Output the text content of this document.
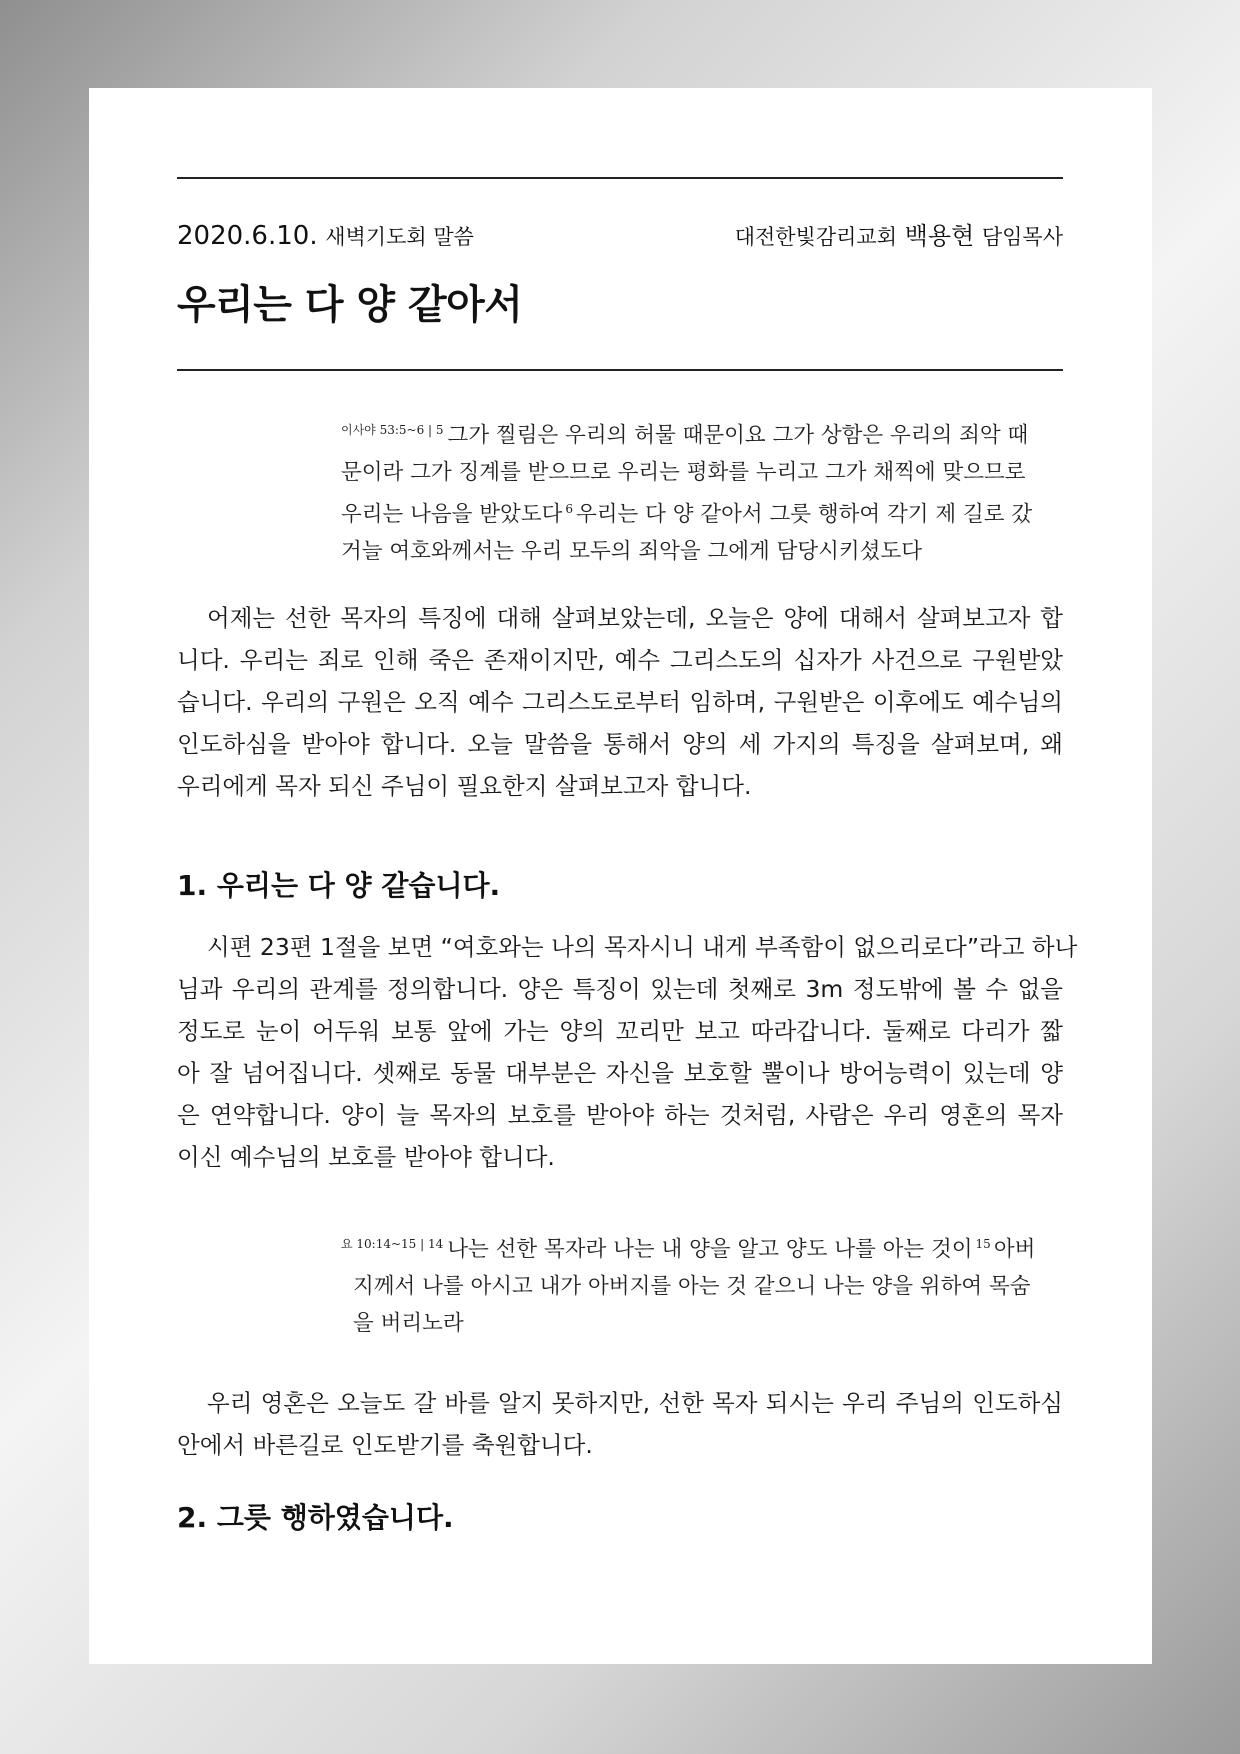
2020.6.10. 새벽기도회 말씀	대전한빛감리교회 백용현 담임목사
우리는 다 양 같아서
$^{이사야 53:5\sim 6 | 5}$ 그가 찔림은 우리의 허물 때문이요 그가 상함은 우리의 죄악 때
문이라 그가 징계를 받으므로 우리는 평화를 누리고 그가 채찍에 맞으므로
우리는 나음을 받았도다 $^6$ 우리는 다 양 같아서 그릇 행하여 각기 제 길로 갔
거늘 여호와께서는 우리 모두의 죄악을 그에게 담당시키셨도다
어제는 선한 목자의 특징에 대해 살펴보았는데, 오늘은 양에 대해서 살펴보고자 합
니다. 우리는 죄로 인해 죽은 존재이지만, 예수 그리스도의 십자가 사건으로 구원받았
습니다. 우리의 구원은 오직 예수 그리스도로부터 임하며, 구원받은 이후에도 예수님의
인도하심을 받아야 합니다. 오늘 말씀을 통해서 양의 세 가지의 특징을 살펴보며, 왜
우리에게 목자 되신 주님이 필요한지 살펴보고자 합니다.
1. 우리는 다 양 같습니다.
시편 23편 1절을 보면 “여호와는 나의 목자시니 내게 부족함이 없으리로다”라고 하나
님과 우리의 관계를 정의합니다. 양은 특징이 있는데 첫째로 3m 정도밖에 볼 수 없을
정도로 눈이 어두워 보통 앞에 가는 양의 꼬리만 보고 따라갑니다. 둘째로 다리가 짧
아 잘 넘어집니다. 셋째로 동물 대부분은 자신을 보호할 뿔이나 방어능력이 있는데 양
은 연약합니다. 양이 늘 목자의 보호를 받아야 하는 것처럼, 사람은 우리 영혼의 목자
이신 예수님의 보호를 받아야 합니다.
$^{요 10:14\sim 15 | 14}$ 나는 선한 목자라 나는 내 양을 알고 양도 나를 아는 것이 $^{15}$ 아버
지께서 나를 아시고 내가 아버지를 아는 것 같으니 나는 양을 위하여 목숨
을 버리노라
우리 영혼은 오늘도 갈 바를 알지 못하지만, 선한 목자 되시는 우리 주님의 인도하심
안에서 바른길로 인도받기를 축원합니다.
2. 그릇 행하였습니다.
